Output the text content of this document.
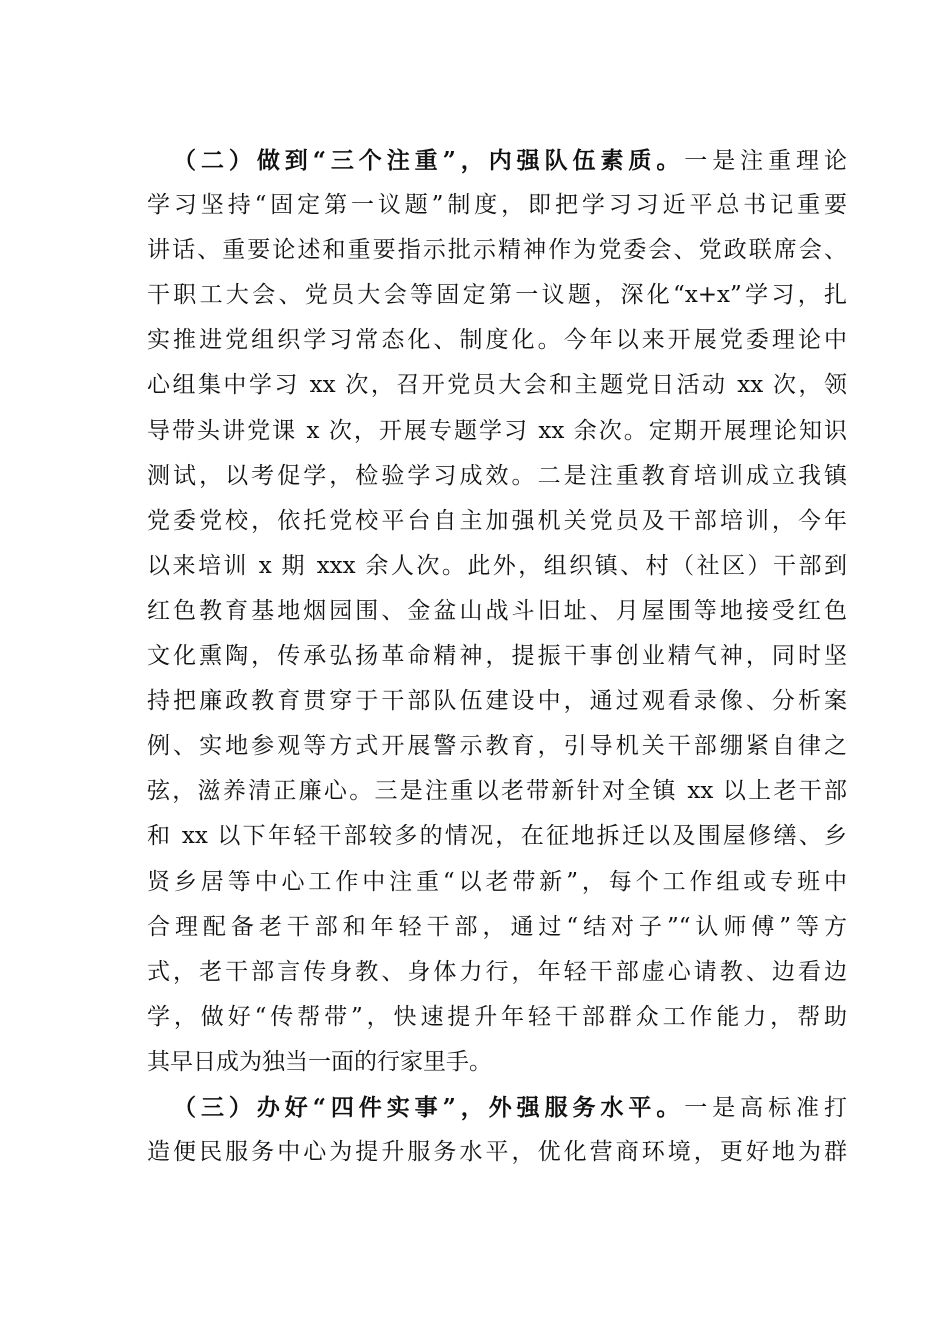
（二）做到“三个注重”，内强队伍素质。一是注重理论
学习坚持“固定第一议题”制度，即把学习习近平总书记重要
讲话、重要论述和重要指示批示精神作为党委会、党政联席会、
干职工大会、党员大会等固定第一议题，深化“x+x”学习，扎
实推进党组织学习常态化、制度化。今年以来开展党委理论中
心组集中学习 xx 次，召开党员大会和主题党日活动 xx 次，领
导带头讲党课 x 次，开展专题学习 xx 余次。定期开展理论知识
测试，以考促学，检验学习成效。二是注重教育培训成立我镇
党委党校，依托党校平台自主加强机关党员及干部培训，今年
以来培训 x 期 xxx 余人次。此外，组织镇、村（社区）干部到
红色教育基地烟园围、金盆山战斗旧址、月屋围等地接受红色
文化熏陶，传承弘扬革命精神，提振干事创业精气神，同时坚
持把廉政教育贯穿于干部队伍建设中，通过观看录像、分析案
例、实地参观等方式开展警示教育，引导机关干部绷紧自律之
弦，滋养清正廉心。三是注重以老带新针对全镇 xx 以上老干部
和 xx 以下年轻干部较多的情况，在征地拆迁以及围屋修缮、乡
贤乡居等中心工作中注重“以老带新”，每个工作组或专班中
合理配备老干部和年轻干部，通过“结对子”“认师傅”等方
式，老干部言传身教、身体力行，年轻干部虚心请教、边看边
学，做好“传帮带”，快速提升年轻干部群众工作能力，帮助
其早日成为独当一面的行家里手。
（三）办好“四件实事”，外强服务水平。一是高标准打
造便民服务中心为提升服务水平，优化营商环境，更好地为群
